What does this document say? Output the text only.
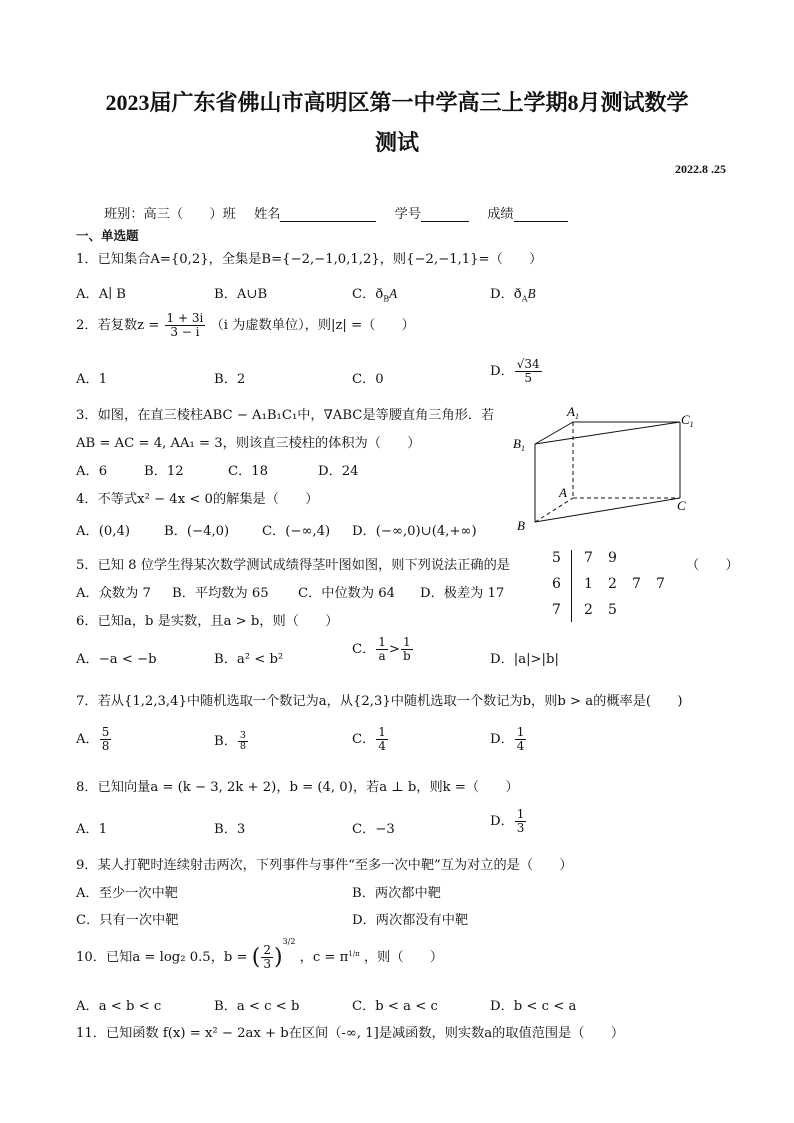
2023届广东省佛山市高明区第一中学高三上学期8月测试数学
测试
2022.8 .25
班别：高三（　　）班 姓名	学号	成绩
一、单选题
1．已知集合A={0,2}，全集是B={−2,−1,0,1,2}，则{−2,−1,1}=（　　）
A．A∣ B	B．A∪B	C．$ð_BA$	D．$ð_AB$
2．若复数$z = \frac{1 + 3i}{3 - i} (i$ 为虚数单位），则|z| =（　　）
A．1	B．2	C．0
D． $\frac{√34}{5}$
3．如图，在直三棱柱ABC − A₁B₁C₁中，∇ABC是等腰直角三角形．若
AB = AC = 4, AA₁ = 3，则该直三棱柱的体积为（　　）
A．6	B．12	C．18	D．24
$A_1$	$C_1$
$B_1$
A
C
B
4．不等式x² − 4x < 0的解集是（　　）
A．(0,4)	B．(−4,0) C．(−∞,4) D．(−∞,0)∪(4,+∞)
5．已知 8 位学生得某次数学测试成绩得茎叶图如图，则下列说法正确的是	（　　）
A．众数为 7 B．平均数为 65 C．中位数为 64 D．极差为 17
5 7 9
6 1 2 7 7
7 2 5
6．已知a，b 是实数，且a > b，则（　　）
A．−a < −b	B．a² < b²
C． $\frac{1}{a} > \frac{1}{b}$	D．|a|>|b|
7．若从{1,2,3,4}中随机选取一个数记为a，从{2,3}中随机选取一个数记为b，则b > a的概率是(　　)
A． $\frac{5}{8}$	B． $\frac{3}{8}$	C． $\frac{1}{4}$	D． $\frac{1}{4}$
8．已知向量a = (k − 3, 2k + 2)，b = (4, 0)，若a ⊥ b，则k =（　　）
A．1	B．3	C．−3
D． $\frac{1}{3}$
9．某人打靶时连续射击两次，下列事件与事件“至多一次中靶”互为对立的是（　　）
A．至少一次中靶	B．两次都中靶
C．只有一次中靶	D．两次都没有中靶
10．已知a = log₂ 0.5，b = ( $\frac{2}{3} )^{3/2}$ ，$c = \pi^{1/\pi}$ ，则（　　）
A．a < b < c	B．a < c < b	C．b < a < c	D．b < c < a
11．已知函数 f(x) = x² − 2ax + b在区间（-∞, 1]是减函数，则实数a的取值范围是（　　）
